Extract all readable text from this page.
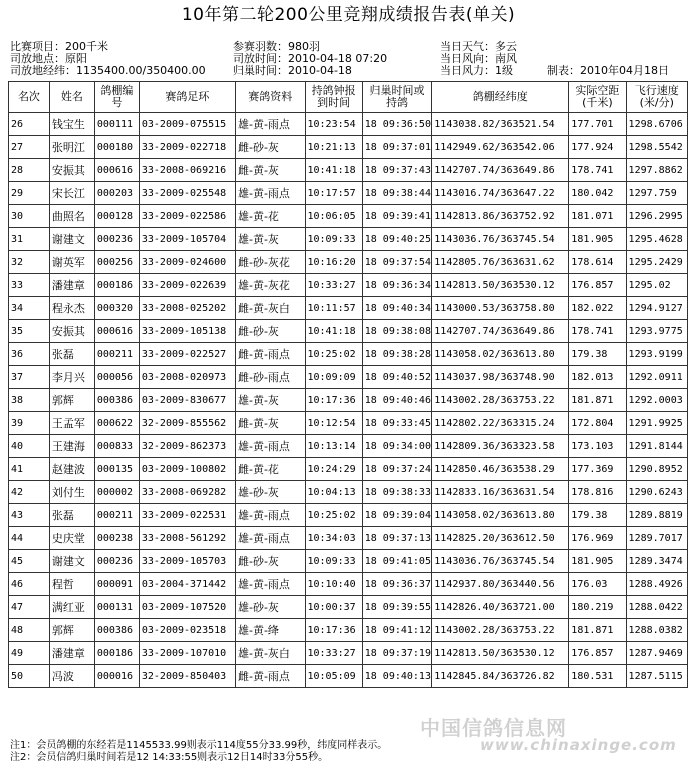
10年第二轮200公里竞翔成绩报告表(单关)
比赛项目：200千米	参赛羽数：980羽	当日天气：多云
司放地点：原阳	司放时间：2010-04-18 07:20	当日风向：南风
司放地经纬：1135400.00/350400.00 归巢时间：2010-04-18	当日风力：1级	制表：2010年04月18日
名次	姓名	鸽棚编号	赛鸽足环	赛鸽资料	持鸽钟报到时间	归巢时间或持鸽	鸽棚经纬度	实际空距(千米)	飞行速度(米/分)
26	钱宝生	000111	03-2009-075515	雄-黄-雨点	10:23:54	18 09:36:50	1143038.82/363521.54	177.701	1298.6706
27	张明江	000180	33-2009-022718	雌-砂-灰	10:21:13	18 09:37:01	1142949.62/363542.06	177.924	1298.5542
28	安振其	000616	33-2008-069216	雌-黄-灰	10:41:18	18 09:37:43	1142707.74/363649.86	178.741	1297.8862
29	宋长江	000203	33-2009-025548	雄-黄-雨点	10:17:57	18 09:38:44	1143016.74/363647.22	180.042	1297.759
30	曲照名	000128	33-2009-022586	雄-黄-花	10:06:05	18 09:39:41	1142813.86/363752.92	181.071	1296.2995
31	谢建文	000236	33-2009-105704	雄-黄-灰	10:09:33	18 09:40:25	1143036.76/363745.54	181.905	1295.4628
32	谢英军	000256	33-2009-024600	雌-砂-灰花	10:16:20	18 09:37:54	1142805.76/363631.62	178.614	1295.2429
33	潘建章	000186	33-2009-022639	雄-黄-灰花	10:33:27	18 09:36:34	1142813.50/363530.12	176.857	1295.02
34	程永杰	000320	33-2008-025202	雌-黄-灰白	10:11:57	18 09:40:34	1143000.53/363758.80	182.022	1294.9127
35	安振其	000616	33-2009-105138	雌-砂-灰	10:41:18	18 09:38:08	1142707.74/363649.86	178.741	1293.9775
36	张磊	000211	33-2009-022527	雌-黄-雨点	10:25:02	18 09:38:28	1143058.02/363613.80	179.38	1293.9199
37	李月兴	000056	03-2008-020973	雌-砂-雨点	10:09:09	18 09:40:52	1143037.98/363748.90	182.013	1292.0911
38	郭辉	000386	03-2009-830677	雄-黄-灰	10:17:36	18 09:40:46	1143002.28/363753.22	181.871	1292.0003
39	王孟军	000622	32-2009-855562	雌-黄-灰	10:12:54	18 09:33:45	1142802.22/363315.24	172.804	1291.9925
40	王建海	000833	32-2009-862373	雄-黄-雨点	10:13:14	18 09:34:00	1142809.36/363323.58	173.103	1291.8144
41	赵建波	000135	03-2009-100802	雌-黄-花	10:24:29	18 09:37:24	1142850.46/363538.29	177.369	1290.8952
42	刘付生	000002	33-2008-069282	雄-砂-灰	10:04:13	18 09:38:33	1142833.16/363631.54	178.816	1290.6243
43	张磊	000211	33-2009-022531	雄-黄-雨点	10:25:02	18 09:39:04	1143058.02/363613.80	179.38	1289.8819
44	史庆堂	000238	33-2008-561292	雄-黄-雨点	10:34:03	18 09:37:13	1142825.20/363612.50	176.969	1289.7017
45	谢建文	000236	33-2009-105703	雌-砂-灰	10:09:33	18 09:41:05	1143036.76/363745.54	181.905	1289.3474
46	程哲	000091	03-2004-371442	雄-黄-雨点	10:10:40	18 09:36:37	1142937.80/363440.56	176.03	1288.4926
47	满红亚	000131	03-2009-107520	雄-砂-灰	10:00:37	18 09:39:55	1142826.40/363721.00	180.219	1288.0422
48	郭辉	000386	03-2009-023518	雄-黄-绛	10:17:36	18 09:41:12	1143002.28/363753.22	181.871	1288.0382
49	潘建章	000186	33-2009-107010	雄-黄-灰白	10:33:27	18 09:37:19	1142813.50/363530.12	176.857	1287.9469
50	冯波	000016	32-2009-850403	雌-黄-雨点	10:05:09	18 09:40:13	1142845.84/363726.82	180.531	1287.5115
中国信鸽信息网
www.chinaxinge.com
注1：会员鸽棚的东经若是1145533.99则表示114度55分33.99秒，纬度同样表示。
注2：会员信鸽归巢时间若是12 14:33:55则表示12日14时33分55秒。
